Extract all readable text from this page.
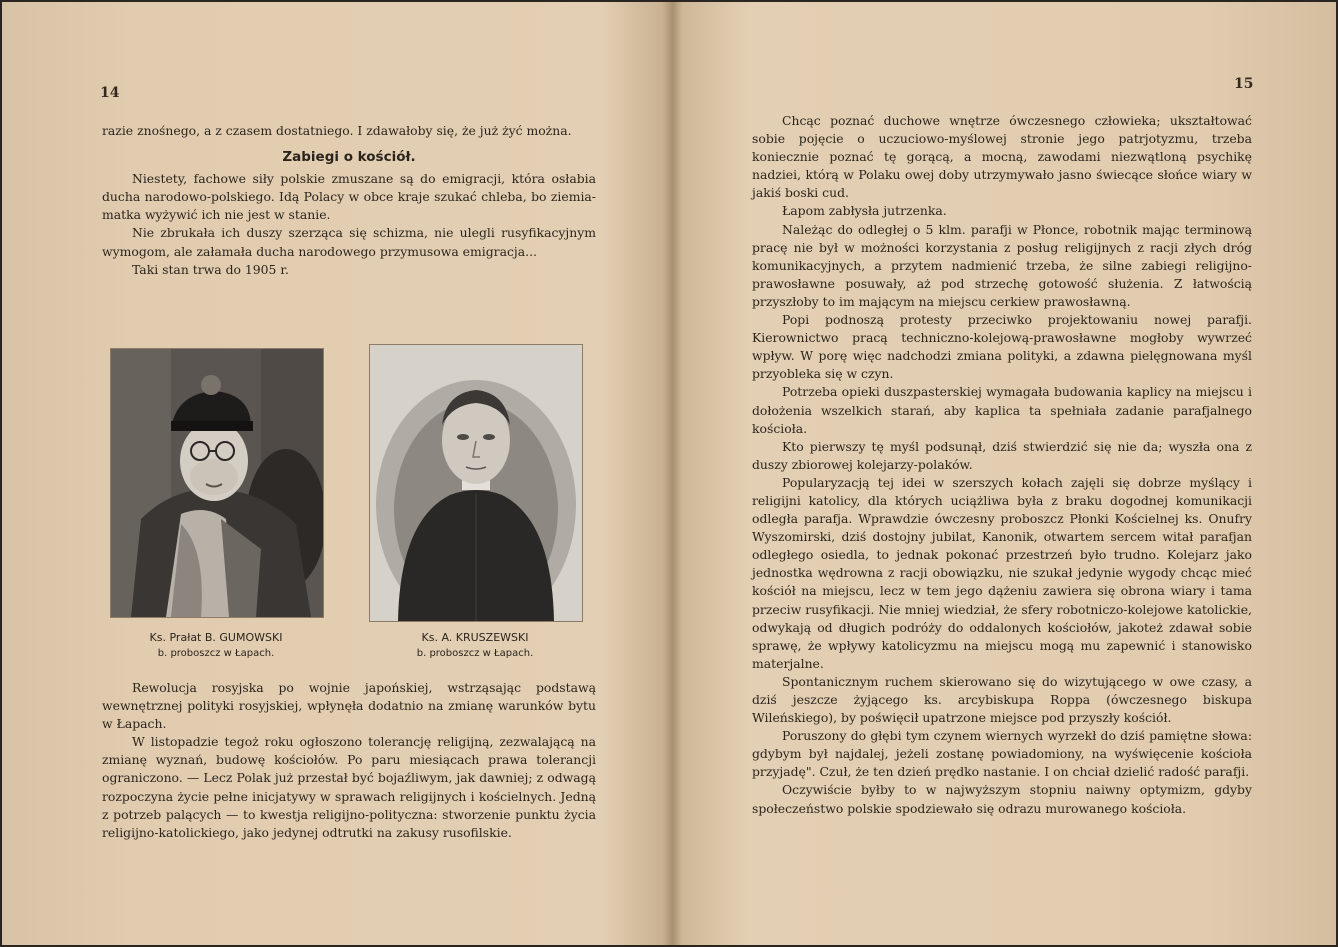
14

razie znośnego, a z czasem dostatniego. I zdawałoby się, że już żyć można.

Zabiegi o kościół.

Niestety, fachowe siły polskie zmuszane są do emigracji, która osłabia ducha narodowo-polskiego. Idą Polacy w obce kraje szukać chleba, bo ziemia-matka wyżywić ich nie jest w stanie.

Nie zbrukała ich duszy szerząca się schizma, nie ulegli rusyfikacyjnym wymogom, ale załamała ducha narodowego przymusowa emigracja...

Taki stan trwa do 1905 r.

Ks. Prałat B. GUMOWSKI
b. proboszcz w Łapach.
Ks. A. KRUSZEWSKI
b. proboszcz w Łapach.

Rewolucja rosyjska po wojnie japońskiej, wstrząsając podstawą wewnętrznej polityki rosyjskiej, wpłynęła dodatnio na zmianę warunków bytu w Łapach.

W listopadzie tegoż roku ogłoszono tolerancję religijną, zezwalającą na zmianę wyznań, budowę kościołów. Po paru miesiącach prawa tolerancji ograniczono. — Lecz Polak już przestał być bojaźliwym, jak dawniej; z odwagą rozpoczyna życie pełne inicjatywy w sprawach religijnych i kościelnych. Jedną z potrzeb palących — to kwestja religijno-polityczna: stworzenie punktu życia religijno-katolickiego, jako jedynej odtrutki na zakusy rusofilskie.

15

Chcąc poznać duchowe wnętrze ówczesnego człowieka; ukształtować sobie pojęcie o uczuciowo-myślowej stronie jego patrjotyzmu, trzeba koniecznie poznać tę gorącą, a mocną, zawodami niezwątloną psychikę nadziei, którą w Polaku owej doby utrzymywało jasno świecące słońce wiary w jakiś boski cud.

Łapom zabłysła jutrzenka.

Należąc do odległej o 5 klm. parafji w Płonce, robotnik mając terminową pracę nie był w możności korzystania z posług religijnych z racji złych dróg komunikacyjnych, a przytem nadmienić trzeba, że silne zabiegi religijno-prawosławne posuwały, aż pod strzechę gotowość służenia. Z łatwością przyszłoby to im mającym na miejscu cerkiew prawosławną.

Popi podnoszą protesty przeciwko projektowaniu nowej parafji. Kierownictwo pracą techniczno-kolejową-prawosławne mogłoby wywrzeć wpływ. W porę więc nadchodzi zmiana polityki, a zdawna pielęgnowana myśl przyobleka się w czyn.

Potrzeba opieki duszpasterskiej wymagała budowania kaplicy na miejscu i dołożenia wszelkich starań, aby kaplica ta spełniała zadanie parafjalnego kościoła.

Kto pierwszy tę myśl podsunął, dziś stwierdzić się nie da; wyszła ona z duszy zbiorowej kolejarzy-polaków.

Popularyzacją tej idei w szerszych kołach zajęli się dobrze myślący i religijni katolicy, dla których uciążliwa była z braku dogodnej komunikacji odległa parafja. Wprawdzie ówczesny proboszcz Płonki Kościelnej ks. Onufry Wyszomirski, dziś dostojny jubilat, Kanonik, otwartem sercem witał parafjan odległego osiedla, to jednak pokonać przestrzeń było trudno. Kolejarz jako jednostka wędrowna z racji obowiązku, nie szukał jedynie wygody chcąc mieć kościół na miejscu, lecz w tem jego dążeniu zawiera się obrona wiary i tama przeciw rusyfikacji. Nie mniej wiedział, że sfery robotniczo-kolejowe katolickie, odwykają od długich podróży do oddalonych kościołów, jakoteż zdawał sobie sprawę, że wpływy katolicyzmu na miejscu mogą mu zapewnić i stanowisko materjalne.

Spontanicznym ruchem skierowano się do wizytującego w owe czasy, a dziś jeszcze żyjącego ks. arcybiskupa Roppa (ówczesnego biskupa Wileńskiego), by poświęcił upatrzone miejsce pod przyszły kościół.

Poruszony do głębi tym czynem wiernych wyrzekł do dziś pamiętne słowa: gdybym był najdalej, jeżeli zostanę powiadomiony, na wyświęcenie kościoła przyjadę". Czuł, że ten dzień prędko nastanie. I on chciał dzielić radość parafji.

Oczywiście byłby to w najwyższym stopniu naiwny optymizm, gdyby społeczeństwo polskie spodziewało się odrazu murowanego kościoła.
